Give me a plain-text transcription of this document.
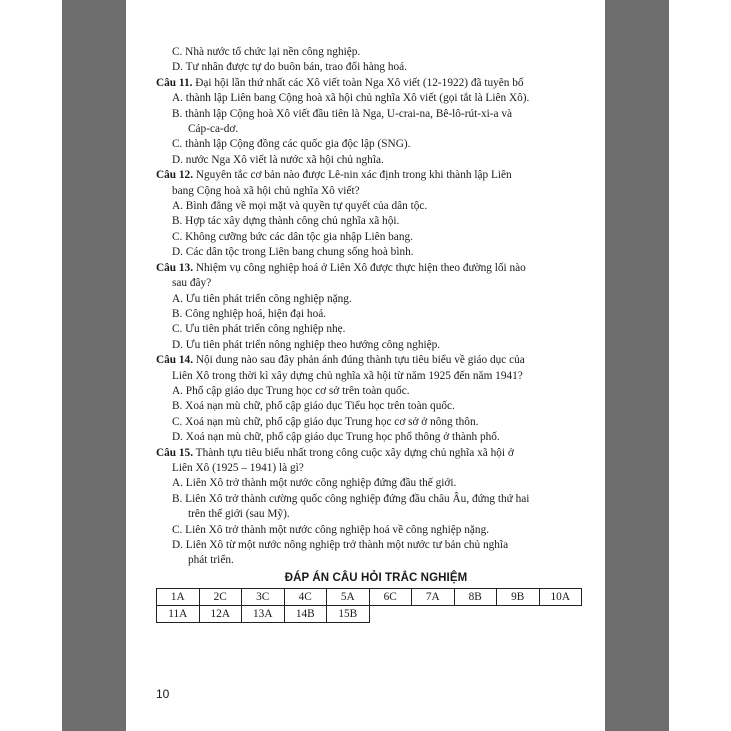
C. Nhà nước tổ chức lại nền công nghiệp.
D. Tư nhân được tự do buôn bán, trao đổi hàng hoá.
Câu 11. Đại hội lần thứ nhất các Xô viết toàn Nga Xô viết (12-1922) đã tuyên bố
A. thành lập Liên bang Cộng hoà xã hội chủ nghĩa Xô viết (gọi tắt là Liên Xô).
B. thành lập Cộng hoà Xô viết đầu tiên là Nga, U-crai-na, Bê-lô-rút-xi-a và
Cáp-ca-dơ.
C. thành lập Cộng đồng các quốc gia độc lập (SNG).
D. nước Nga Xô viết là nước xã hội chủ nghĩa.
Câu 12. Nguyên tắc cơ bản nào được Lê-nin xác định trong khi thành lập Liên
bang Cộng hoà xã hội chủ nghĩa Xô viết?
A. Bình đẳng về mọi mặt và quyền tự quyết của dân tộc.
B. Hợp tác xây dựng thành công chủ nghĩa xã hội.
C. Không cưỡng bức các dân tộc gia nhập Liên bang.
D. Các dân tộc trong Liên bang chung sống hoà bình.
Câu 13. Nhiệm vụ công nghiệp hoá ở Liên Xô được thực hiện theo đường lối nào
sau đây?
A. Ưu tiên phát triển công nghiệp nặng.
B. Công nghiệp hoá, hiện đại hoá.
C. Ưu tiên phát triển công nghiệp nhẹ.
D. Ưu tiên phát triển nông nghiệp theo hướng công nghiệp.
Câu 14. Nội dung nào sau đây phản ánh đúng thành tựu tiêu biểu về giáo dục của
Liên Xô trong thời kì xây dựng chủ nghĩa xã hội từ năm 1925 đến năm 1941?
A. Phổ cập giáo dục Trung học cơ sở trên toàn quốc.
B. Xoá nạn mù chữ, phổ cập giáo dục Tiểu học trên toàn quốc.
C. Xoá nạn mù chữ, phổ cập giáo dục Trung học cơ sở ở nông thôn.
D. Xoá nạn mù chữ, phổ cập giáo dục Trung học phổ thông ở thành phố.
Câu 15. Thành tựu tiêu biểu nhất trong công cuộc xây dựng chủ nghĩa xã hội ở
Liên Xô (1925 – 1941) là gì?
A. Liên Xô trở thành một nước công nghiệp đứng đầu thế giới.
B. Liên Xô trở thành cường quốc công nghiệp đứng đầu châu Âu, đứng thứ hai
trên thế giới (sau Mỹ).
C. Liên Xô trở thành một nước công nghiệp hoá về công nghiệp nặng.
D. Liên Xô từ một nước nông nghiệp trở thành một nước tư bản chủ nghĩa
phát triển.
ĐÁP ÁN CÂU HỎI TRẮC NGHIỆM
1A	2C	3C	4C	5A	6C	7A	8B	9B	10A
11A	12A	13A	14B	15B					
10
